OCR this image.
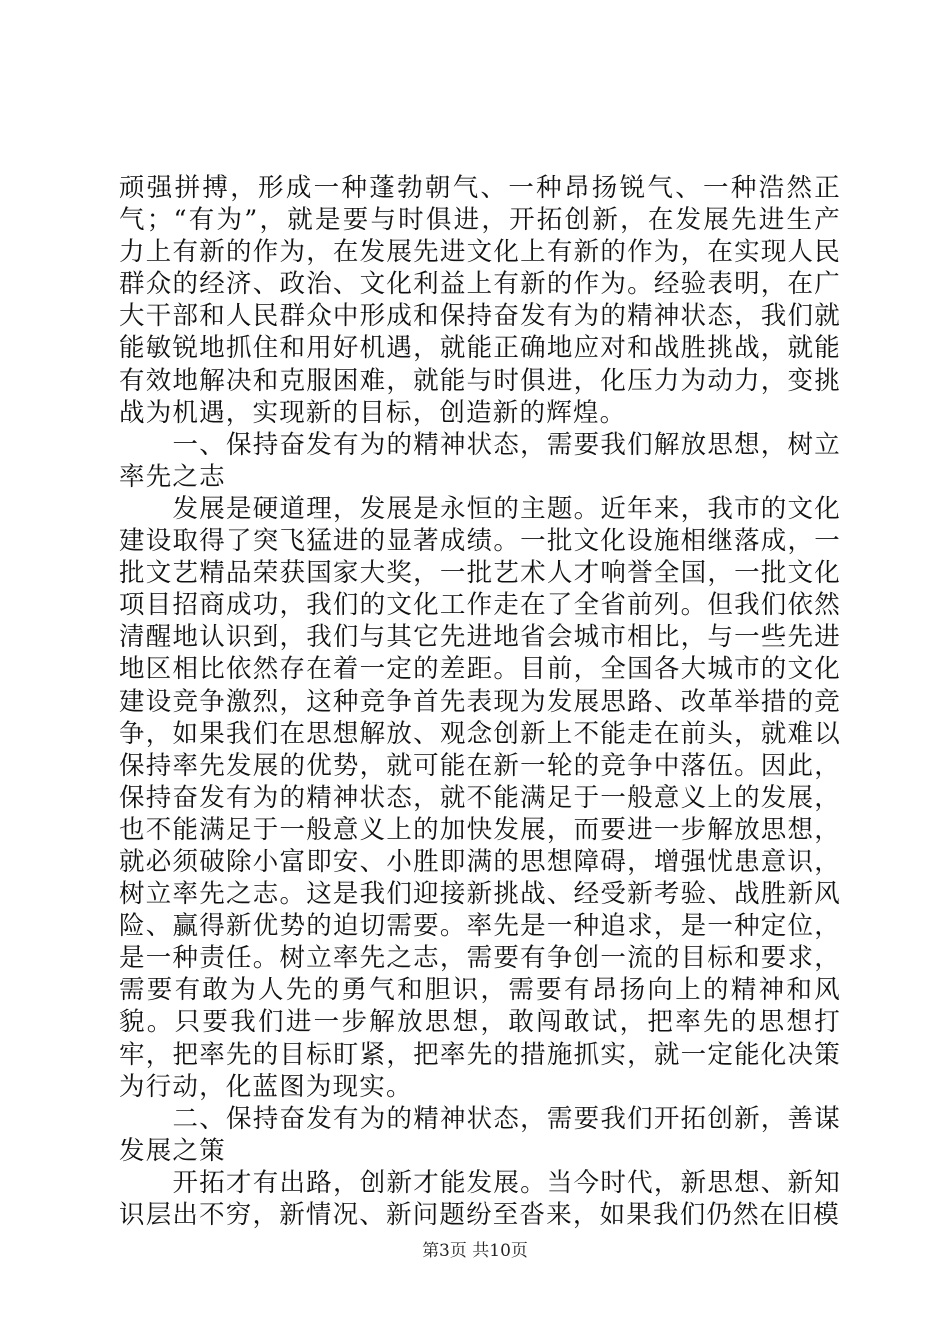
顽强拼搏，形成一种蓬勃朝气、一种昂扬锐气、一种浩然正气；“有为”，就是要与时俱进，开拓创新，在发展先进生产力上有新的作为，在发展先进文化上有新的作为，在实现人民群众的经济、政治、文化利益上有新的作为。经验表明，在广大干部和人民群众中形成和保持奋发有为的精神状态，我们就能敏锐地抓住和用好机遇，就能正确地应对和战胜挑战，就能有效地解决和克服困难，就能与时俱进，化压力为动力，变挑战为机遇，实现新的目标，创造新的辉煌。

一、保持奋发有为的精神状态，需要我们解放思想，树立率先之志

发展是硬道理，发展是永恒的主题。近年来，我市的文化建设取得了突飞猛进的显著成绩。一批文化设施相继落成，一批文艺精品荣获国家大奖，一批艺术人才响誉全国，一批文化项目招商成功，我们的文化工作走在了全省前列。但我们依然清醒地认识到，我们与其它先进地省会城市相比，与一些先进地区相比依然存在着一定的差距。目前，全国各大城市的文化建设竞争激烈，这种竞争首先表现为发展思路、改革举措的竞争，如果我们在思想解放、观念创新上不能走在前头，就难以保持率先发展的优势，就可能在新一轮的竞争中落伍。因此，保持奋发有为的精神状态，就不能满足于一般意义上的发展，也不能满足于一般意义上的加快发展，而要进一步解放思想，就必须破除小富即安、小胜即满的思想障碍，增强忧患意识，树立率先之志。这是我们迎接新挑战、经受新考验、战胜新风险、赢得新优势的迫切需要。率先是一种追求，是一种定位，是一种责任。树立率先之志，需要有争创一流的目标和要求，需要有敢为人先的勇气和胆识，需要有昂扬向上的精神和风貌。只要我们进一步解放思想，敢闯敢试，把率先的思想打牢，把率先的目标盯紧，把率先的措施抓实，就一定能化决策为行动，化蓝图为现实。

二、保持奋发有为的精神状态，需要我们开拓创新，善谋发展之策

开拓才有出路，创新才能发展。当今时代，新思想、新知识层出不穷，新情况、新问题纷至沓来，如果我们仍然在旧模

第3页 共10页
